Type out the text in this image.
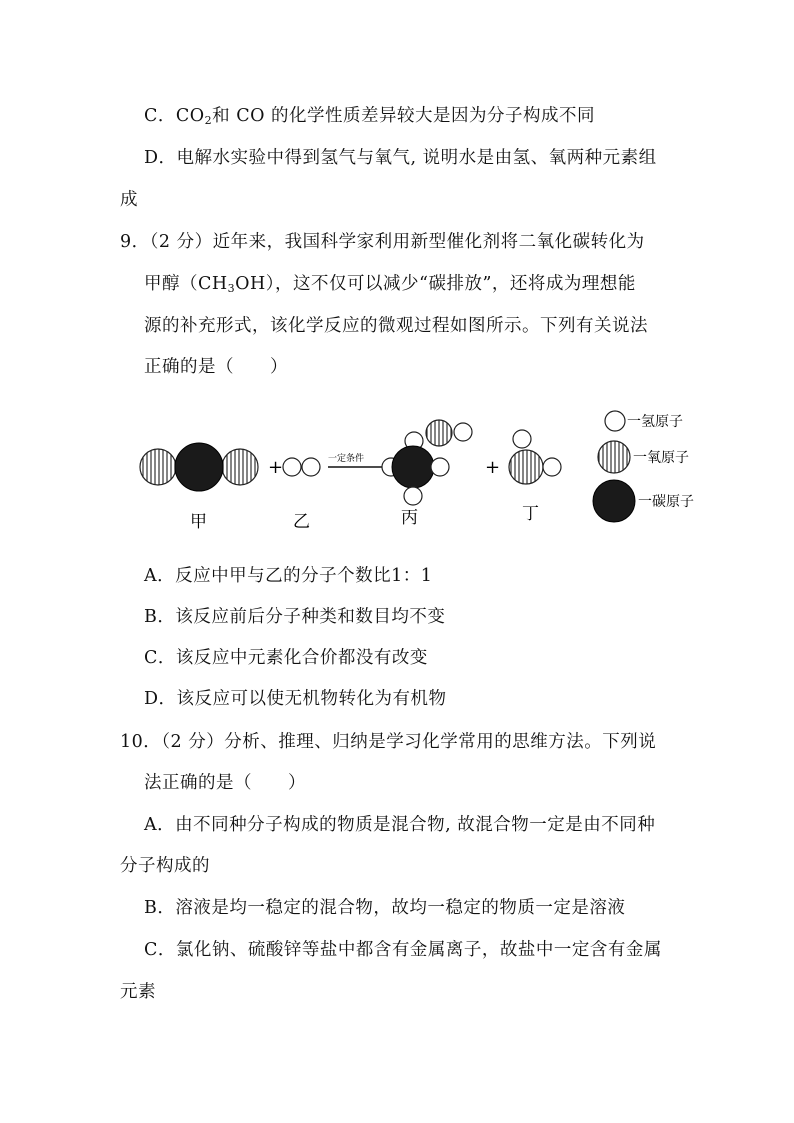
C．$CO_2$和 CO 的化学性质差异较大是因为分子构成不同
D．电解水实验中得到氢气与氧气, 说明水是由氢、氧两种元素组
成
9．（2 分）近年来，我国科学家利用新型催化剂将二氧化碳转化为
甲醇$(CH_3OH)$，这不仅可以减少“碳排放”，还将成为理想能
源的补充形式，该化学反应的微观过程如图所示。下列有关说法
正确的是（　　）
+	一定条件	+
甲	乙	丙	丁
一氢原子
一氧原子
一碳原子
A．反应中甲与乙的分子个数比1：1
B．该反应前后分子种类和数目均不变
C．该反应中元素化合价都没有改变
D．该反应可以使无机物转化为有机物
10．（2 分）分析、推理、归纳是学习化学常用的思维方法。下列说
法正确的是（　　）
A．由不同种分子构成的物质是混合物, 故混合物一定是由不同种
分子构成的
B．溶液是均一稳定的混合物，故均一稳定的物质一定是溶液
C．氯化钠、硫酸锌等盐中都含有金属离子，故盐中一定含有金属
元素
